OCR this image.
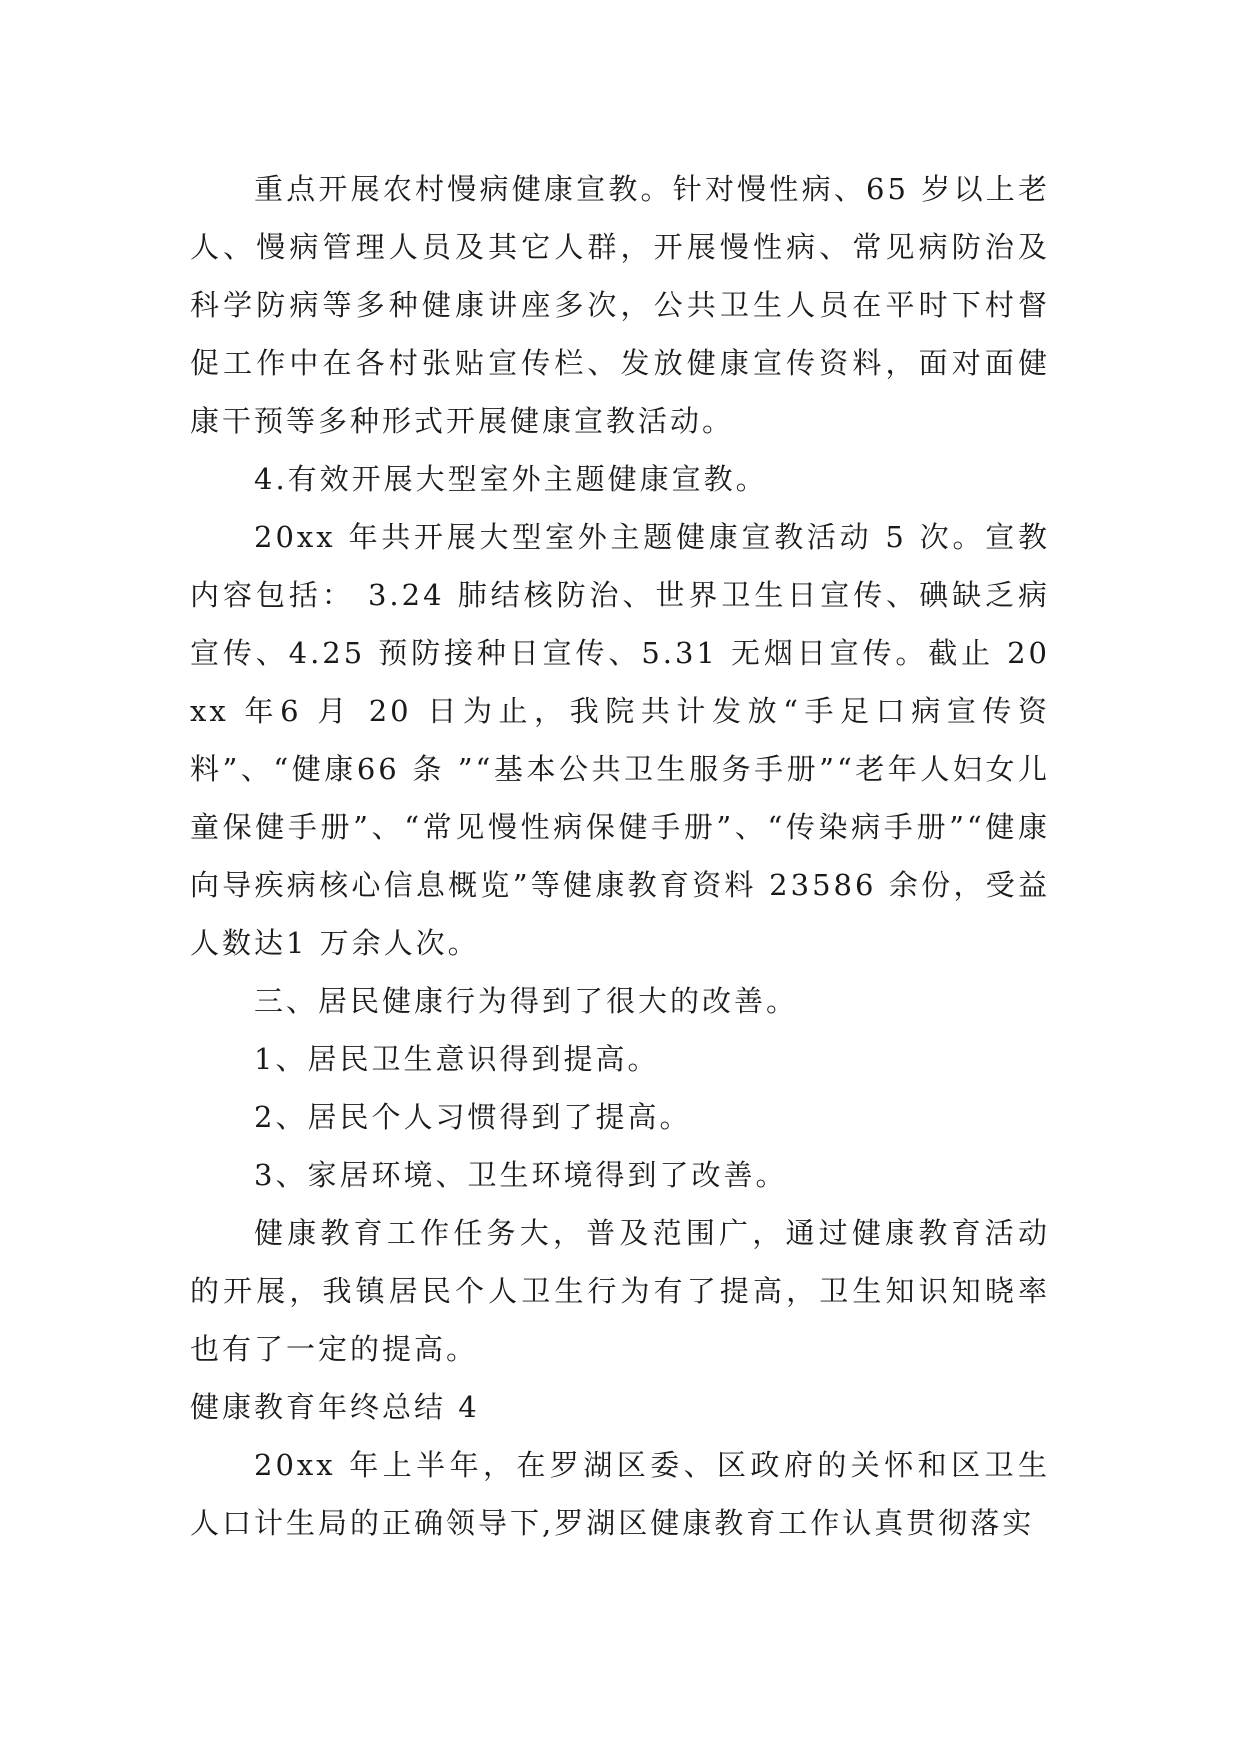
重点开展农村慢病健康宣教。针对慢性病、65 岁以上老人、慢病管理人员及其它人群，开展慢性病、常见病防治及科学防病等多种健康讲座多次，公共卫生人员在平时下村督促工作中在各村张贴宣传栏、发放健康宣传资料，面对面健康干预等多种形式开展健康宣教活动。

4.有效开展大型室外主题健康宣教。

20xx 年共开展大型室外主题健康宣教活动 5 次。宣教内容包括： 3.24 肺结核防治、世界卫生日宣传、碘缺乏病宣传、4.25 预防接种日宣传、5.31 无烟日宣传。截止 20xx 年6 月 20 日为止，我院共计发放“手足口病宣传资料”、“健康66 条 ”“基本公共卫生服务手册”“老年人妇女儿童保健手册”、“常见慢性病保健手册”、“传染病手册”“健康向导疾病核心信息概览”等健康教育资料 23586 余份，受益人数达1 万余人次。

三、居民健康行为得到了很大的改善。

1、居民卫生意识得到提高。

2、居民个人习惯得到了提高。

3、家居环境、卫生环境得到了改善。

健康教育工作任务大，普及范围广，通过健康教育活动的开展，我镇居民个人卫生行为有了提高，卫生知识知晓率也有了一定的提高。

健康教育年终总结 4

20xx 年上半年，在罗湖区委、区政府的关怀和区卫生人口计生局的正确领导下,罗湖区健康教育工作认真贯彻落实
